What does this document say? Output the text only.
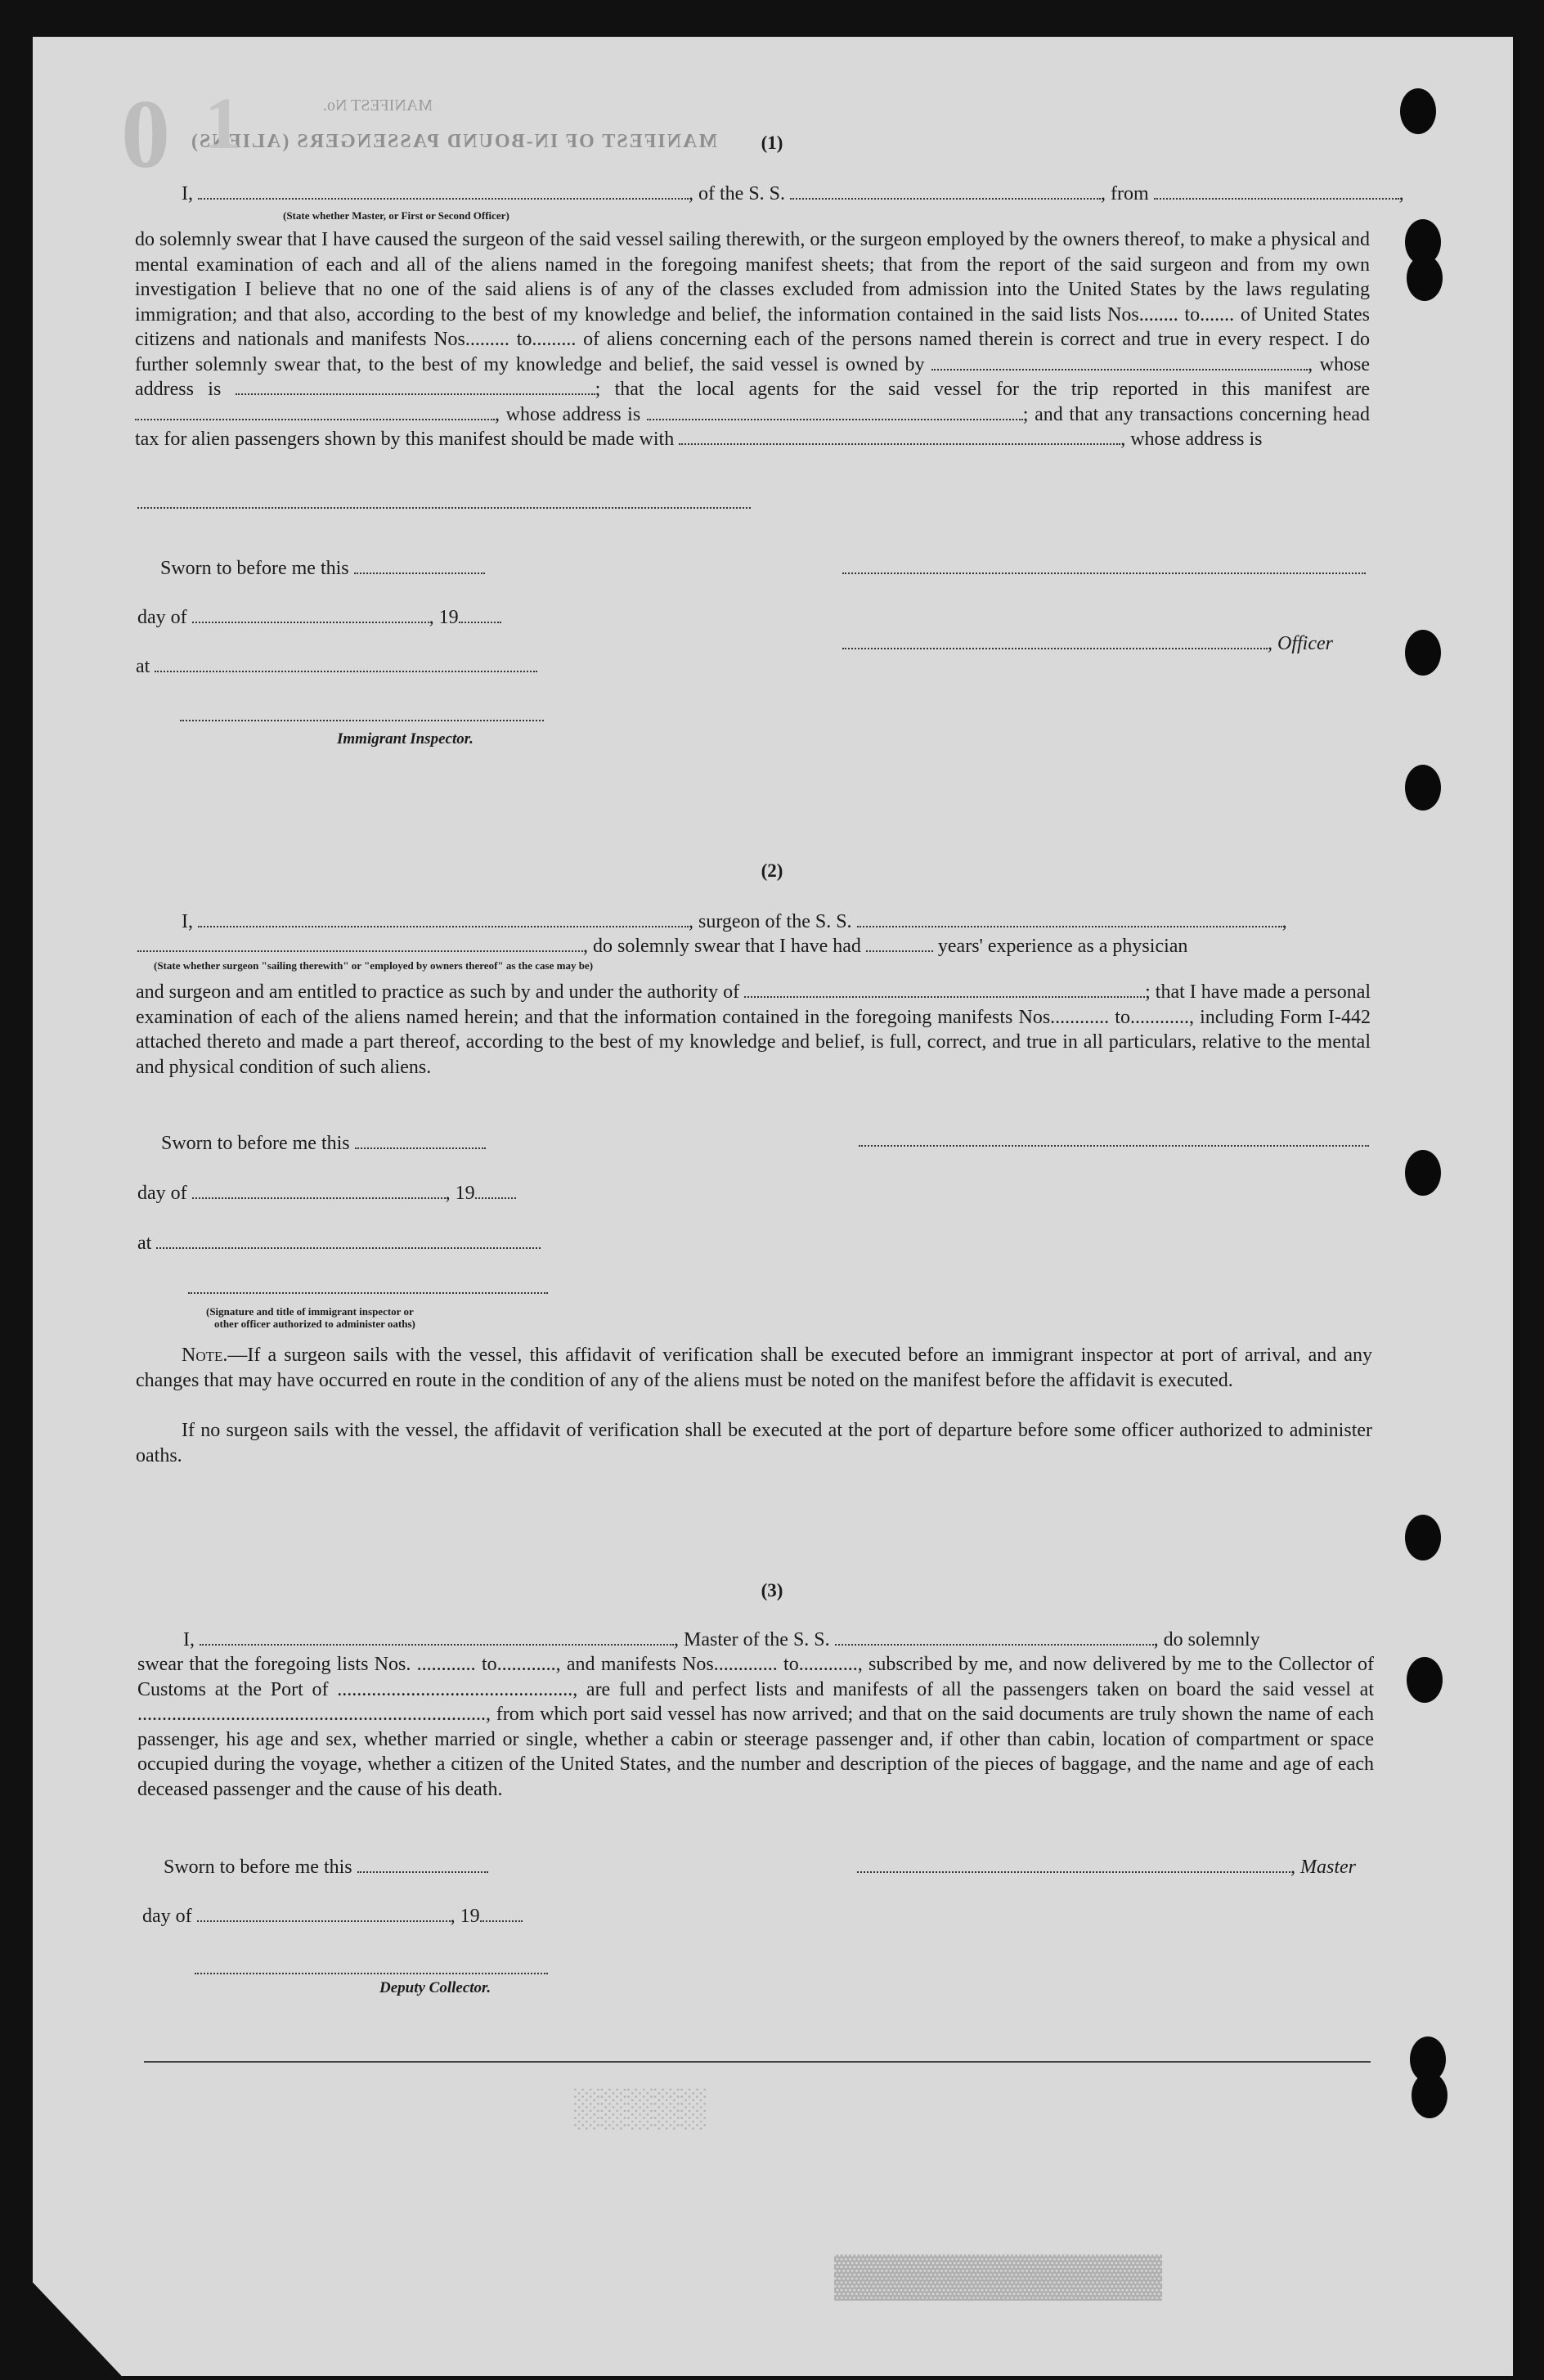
MANIFEST OF IN-BOUND PASSENGERS (ALIENS)
MANIFEST No.
0 1	(1)
I,	, of the S. S.	, from	,
(State whether Master, or First or Second Officer)
do solemnly swear that I have caused the surgeon of the said vessel sailing therewith, or the surgeon employed by the owners thereof, to make a physical and mental examination of each and all of the aliens named in the foregoing manifest sheets; that from the report of the said surgeon and from my own investigation I believe that no one of the said aliens is of any of the classes excluded from admission into the United States by the laws regulating immigration; and that also, according to the best of my knowledge and belief, the information contained in the said lists Nos........ to....... of United States citizens and nationals and manifests Nos......... to......... of aliens concerning each of the persons named therein is correct and true in every respect. I do further solemnly swear that, to the best of my knowledge and belief, the said vessel is owned by	, whose address is	; that the local agents for the said vessel for the trip reported in this manifest are , whose address is	; and that any transactions concerning head tax for alien passengers shown by this manifest should be made with	, whose address is
Sworn to before me this
day of	, 19
, Officer
at
Immigrant Inspector.
(2)
I,	, surgeon of the S. S.	,
, do solemnly swear that I have had	years' experience as a physician
(State whether surgeon "sailing therewith" or "employed by owners thereof" as the case may be)
and surgeon and am entitled to practice as such by and under the authority of	; that I have made a personal examination of each of the aliens named herein; and that the information contained in the foregoing manifests Nos............ to............, including Form I-442 attached thereto and made a part thereof, according to the best of my knowledge and belief, is full, correct, and true in all particulars, relative to the mental and physical condition of such aliens.
Sworn to before me this
day of	, 19
at
(Signature and title of immigrant inspector or
other officer authorized to administer oaths)
Note.—If a surgeon sails with the vessel, this affidavit of verification shall be executed before an immigrant inspector at port of arrival, and any changes that may have occurred en route in the condition of any of the aliens must be noted on the manifest before the affidavit is executed.
If no surgeon sails with the vessel, the affidavit of verification shall be executed at the port of departure before some officer authorized to administer oaths.
(3)
I,	, Master of the S. S.	, do solemnly
swear that the foregoing lists Nos. ............ to............, and manifests Nos............. to............, subscribed by me, and now delivered by me to the Collector of Customs at the Port of ................................................, are full and perfect lists and manifests of all the passengers taken on board the said vessel at ......................................................................., from which port said vessel has now arrived; and that on the said documents are truly shown the name of each passenger, his age and sex, whether married or single, whether a cabin or steerage passenger and, if other than cabin, location of compartment or space occupied during the voyage, whether a citizen of the United States, and the number and description of the pieces of baggage, and the name and age of each deceased passenger and the cause of his death.
Sworn to before me this	, Master
day of	, 19
Deputy Collector.
░░░░░
▓▓▓▓▓▓▓▓▓▓▓
